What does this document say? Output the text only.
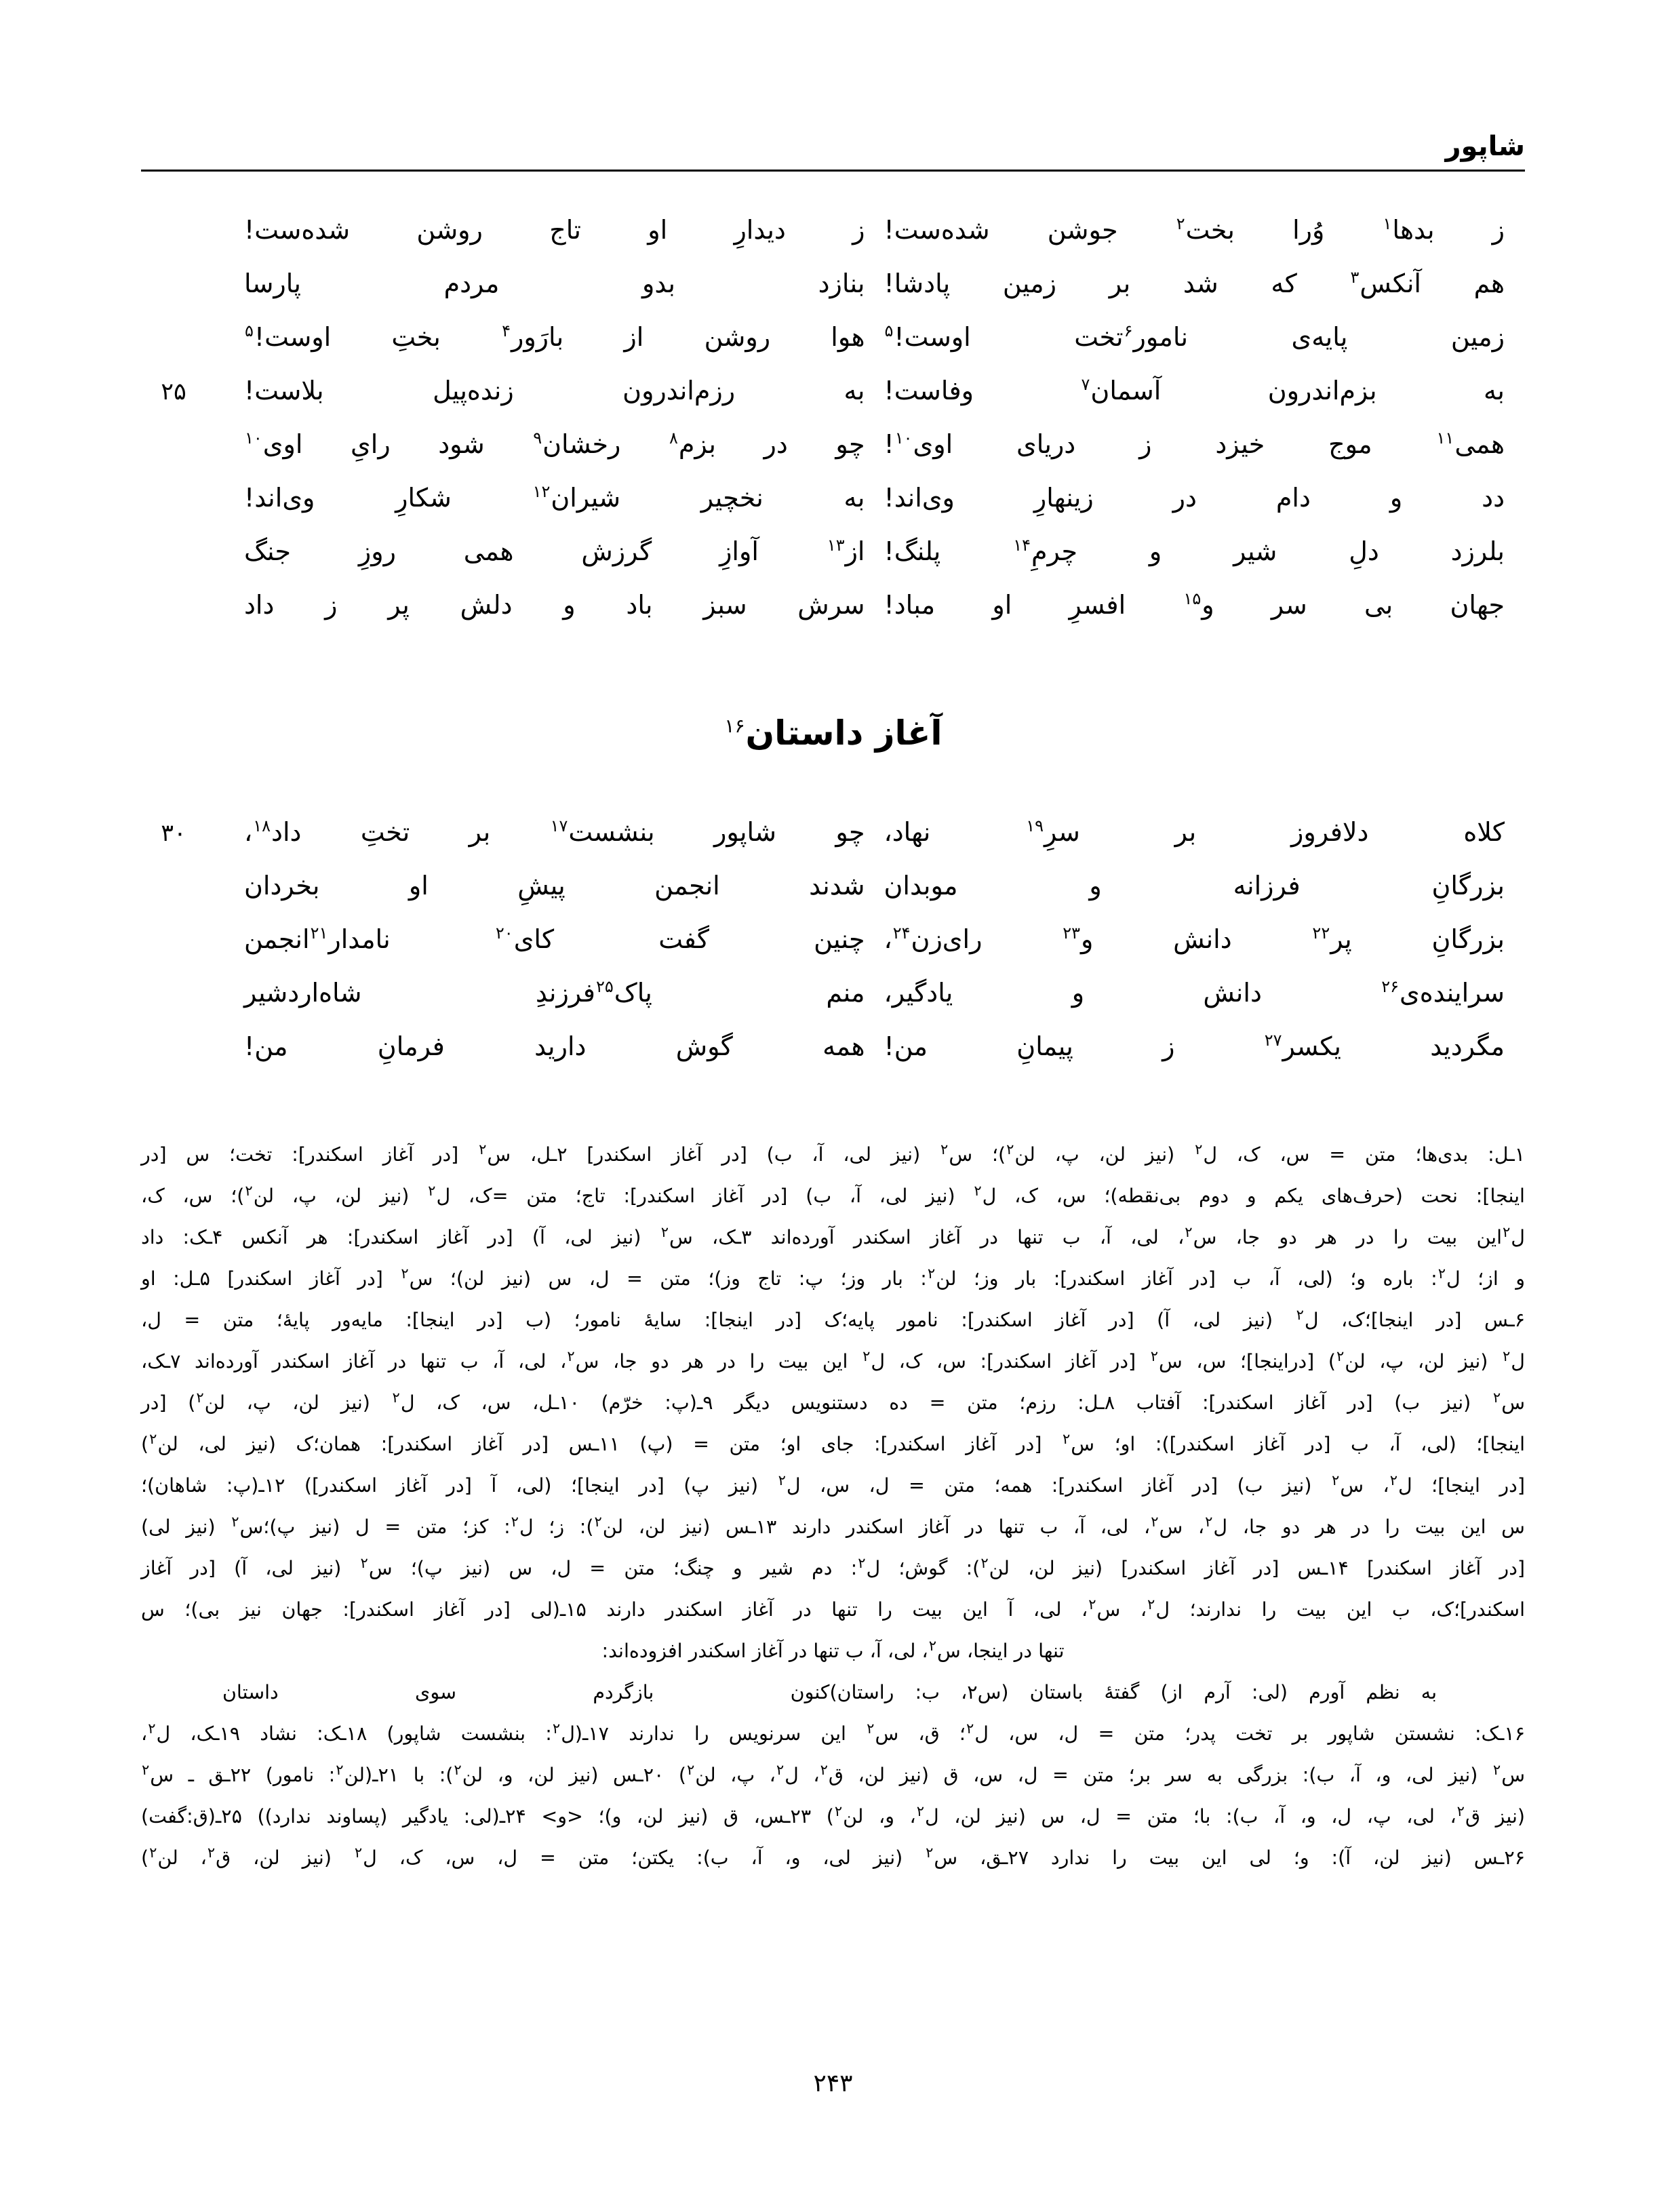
شاپور
ز بدها$^۱$ وُرا بخت$^۲$ جوشن شده‌ست!
ز دیدارِ او تاج روشن شده‌ست!
هم آنکس$^۳$ که شد بر زمین پادشا!
بنازد بدو مردم پارسا
زمین پایه‌ی نامور$^۶$تخت اوست!$^۵$
هوا روشن از بارَور$^۴$ بختِ اوست!$^۵$
به بزم‌اندرون آسمان$^۷$ وفاست!
به رزم‌اندرون زنده‌پیل بلاست!
۲۵
همی$^{۱۱}$ موج خیزد ز دریای اوی$^{۱۰}$!
چو در بزم$^۸$ رخشان$^۹$ شود رایِ اوی$^{۱۰}$
دد و دام در زینهارِ وی‌اند!
به نخچیر شیران$^{۱۲}$ شکارِ وی‌اند!
بلرزد دلِ شیر و چرمِ$^{۱۴}$ پلنگ!
از$^{۱۳}$ آوازِ گرزش همی روزِ جنگ
جهان بی سر و$^{۱۵}$ افسرِ او مباد!
سرش سبز باد و دلش پر ز داد
آغاز داستان$^{۱۶}$
کلاه دلافروز بر سرِ$^{۱۹}$ نهاد،
چو شاپور بنشست$^{۱۷}$ بر تختِ داد$^{۱۸}$،
۳۰
بزرگانِ فرزانه و موبدان
شدند انجمن پیشِ او بخردان
بزرگانِ پر$^{۲۲}$ دانش و$^{۲۳}$ رای‌زن$^{۲۴}$،
چنین گفت کای$^{۲۰}$ نامدار$^{۲۱}$انجمن
سراینده‌ی$^{۲۶}$ دانش و یادگیر،
منم پاک$^{۲۵}$فرزندِ شاه‌اردشیر
مگردید یکسر$^{۲۷}$ ز پیمانِ من!
همه گوش دارید فرمانِ من!
۱ـل: بدی‌ها؛ متن = س، ک، ل$^۲$ (نیز لن، پ، لن$^۲$)؛ س$^۲$ (نیز لی، آ، ب) [در آغاز اسکندر] ۲ـل، س$^۲$ [در آغاز اسکندر]: تخت؛ س [در
اینجا]: نحت (حرف‌های یکم و دوم بی‌نقطه)؛ س، ک، ل$^۲$ (نیز لی، آ، ب) [در آغاز اسکندر]: تاج؛ متن =ک، ل$^۲$ (نیز لن، پ، لن$^۲$)؛ س، ک،
ل$^۲$این بیت را در هر دو جا، س$^۲$، لی، آ، ب تنها در آغاز اسکندر آورده‌اند ۳ـک، س$^۲$ (نیز لی، آ) [در آغاز اسکندر]: هر آنکس ۴ـک: داد
و از؛ ل$^۲$: باره و؛ (لی، آ، ب [در آغاز اسکندر]: بار وز؛ لن$^۲$: بار وز؛ پ: تاج وز)؛ متن = ل، س (نیز لن)؛ س$^۲$ [در آغاز اسکندر] ۵ـل: او
۶ـس [در اینجا]؛ک، ل$^۲$ (نیز لی، آ) [در آغاز اسکندر]: نامور پایه؛ک [در اینجا]: سایهٔ نامور؛ (ب [در اینجا]: مایه‌ور پایهٔ؛ متن = ل،
ل$^۲$ (نیز لن، پ، لن$^۲$) [دراینجا]؛ س، س$^۲$ [در آغاز اسکندر]: س، ک، ل$^۲$ این بیت را در هر دو جا، س$^۲$، لی، آ، ب تنها در آغاز اسکندر آورده‌اند ۷ـک،
س$^۲$ (نیز ب) [در آغاز اسکندر]: آفتاب ۸ـل: رزم؛ متن = ده دستنویس دیگر ۹ـ(پ: خرّم) ۱۰ـل، س، ک، ل$^۲$ (نیز لن، پ، لن$^۲$) [در
اینجا]؛ (لی، آ، ب [در آغاز اسکندر]): او؛ س$^۲$ [در آغاز اسکندر]: جای او؛ متن = (پ) ۱۱ـس [در آغاز اسکندر]: همان؛ک (نیز لی، لن$^۲$)
[در اینجا]؛ ل$^۲$، س$^۲$ (نیز ب) [در آغاز اسکندر]: همه؛ متن = ل، س، ل$^۲$ (نیز پ) [در اینجا]؛ (لی، آ [در آغاز اسکندر]) ۱۲ـ(پ: شاهان)؛
س این بیت را در هر دو جا، ل$^۲$، س$^۲$، لی، آ، ب تنها در آغاز اسکندر دارند ۱۳ـس (نیز لن، لن$^۲$): ز؛ ل$^۲$: کز؛ متن = ل (نیز پ)؛س$^۲$ (نیز لی)
[در آغاز اسکندر] ۱۴ـس [در آغاز اسکندر] (نیز لن، لن$^۲$): گوش؛ ل$^۲$: دم شیر و چنگ؛ متن = ل، س (نیز پ)؛ س$^۲$ (نیز لی، آ) [در آغاز
اسکندر]؛ک، ب این بیت را ندارند؛ ل$^۲$، س$^۲$، لی، آ این بیت را تنها در آغاز اسکندر دارند ۱۵ـ(لی [در آغاز اسکندر]: جهان نیز بی)؛ س
تنها در اینجا، س$^۲$، لی، آ، ب تنها در آغاز اسکندر افزوده‌اند:
به نظم آورم (لی: آرم از) گفتهٔ باستان (س۲، ب: راستان)
کنون بازگردم سوی داستان
۱۶ـک: نشستن شاپور بر تخت پدر؛ متن = ل، س، ل$^۲$؛ ق، س$^۲$ این سرنویس را ندارند ۱۷ـ(ل$^۲$: بنشست شاپور) ۱۸ـک: نشاد ۱۹ـک، ل$^۲$،
س$^۲$ (نیز لی، و، آ، ب): بزرگی به سر بر؛ متن = ل، س، ق (نیز لن، ق$^۲$، ل$^۲$، پ، لن$^۲$) ۲۰ـس (نیز لن، و، لن$^۲$): با ۲۱ـ(لن$^۲$: نامور) ۲۲ـق ـ س$^۲$
(نیز ق$^۲$، لی، پ، ل، و، آ، ب): با؛ متن = ل، س (نیز لن، ل$^۲$، و، لن$^۲$) ۲۳ـس، ق (نیز لن، و)؛ <و> ۲۴ـ(لی: یادگیر (پساوند ندارد)) ۲۵ـ(ق:گفت)
۲۶ـس (نیز لن، آ): و؛ لی این بیت را ندارد ۲۷ـق، س$^۲$ (نیز لی، و، آ، ب): یکتن؛ متن = ل، س، ک، ل$^۲$ (نیز لن، ق$^۲$، لن$^۲$)
۲۴۳
